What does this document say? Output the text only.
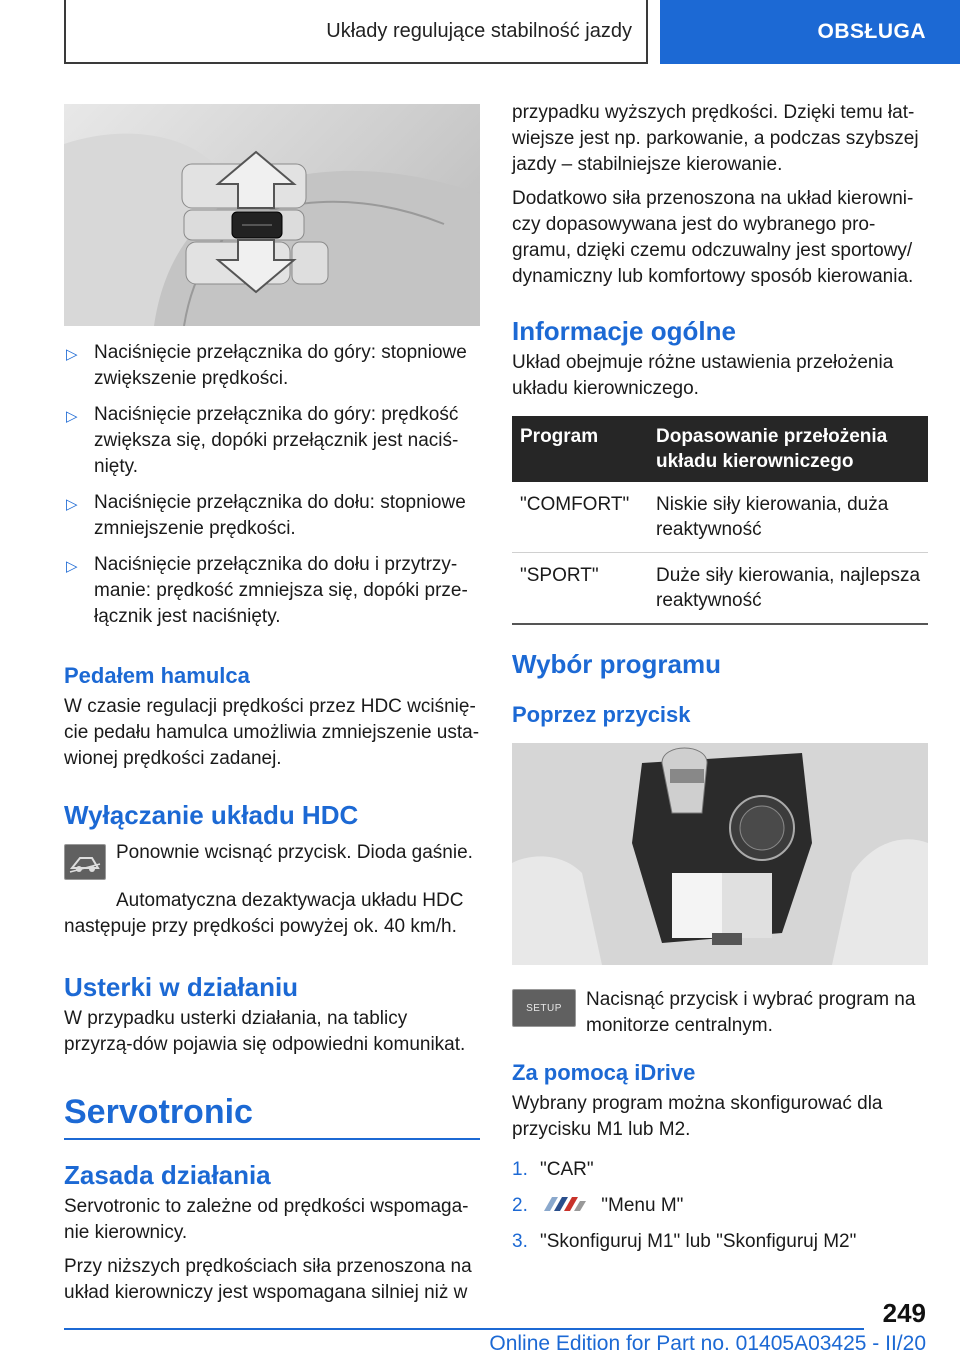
Układy regulujące stabilność jazdy	OBSŁUGA
▷ Naciśnięcie przełącznika do góry: stopniowe zwiększenie prędkości.
▷ Naciśnięcie przełącznika do góry: prędkość zwiększa się, dopóki przełącznik jest naciś-nięty.
▷ Naciśnięcie przełącznika do dołu: stopniowe zmniejszenie prędkości.
▷ Naciśnięcie przełącznika do dołu i przytrzy-manie: prędkość zmniejsza się, dopóki prze-łącznik jest naciśnięty.
Pedałem hamulca

W czasie regulacji prędkości przez HDC wciśnię-cie pedału hamulca umożliwia zmniejszenie usta-wionej prędkości zadanej.

Wyłączanie układu HDC

Ponownie wcisnąć przycisk. Dioda gaśnie.

Automatyczna dezaktywacja układu HDC następuje przy prędkości powyżej ok. 40 km/h.

Usterki w działaniu

W przypadku usterki działania, na tablicy przyrzą-dów pojawia się odpowiedni komunikat.

Servotronic
Zasada działania

Servotronic to zależne od prędkości wspomaga-nie kierownicy.

Przy niższych prędkościach siła przenoszona na układ kierowniczy jest wspomagana silniej niż w

przypadku wyższych prędkości. Dzięki temu łat-wiejsze jest np. parkowanie, a podczas szybszej jazdy – stabilniejsze kierowanie.

Dodatkowo siła przenoszona na układ kierowni-czy dopasowywana jest do wybranego pro-gramu, dzięki czemu odczuwalny jest sportowy/ dynamiczny lub komfortowy sposób kierowania.

Informacje ogólne

Układ obejmuje różne ustawienia przełożenia układu kierowniczego.

Program	Dopasowanie przełożenia układu kierowniczego
"COMFORT"	Niskie siły kierowania, duża reaktywność
"SPORT"	Duże siły kierowania, najlepsza reaktywność
Wybór programu
Poprzez przycisk
SETUP Nacisnąć przycisk i wybrać program na monitorze centralnym.

Za pomocą iDrive

Wybrany program można skonfigurować dla przycisku M1 lub M2.

1. "CAR"
2.	"Menu M"
3. "Skonfiguruj M1" lub "Skonfiguruj M2"
249
Online Edition for Part no. 01405A03425 - II/20
